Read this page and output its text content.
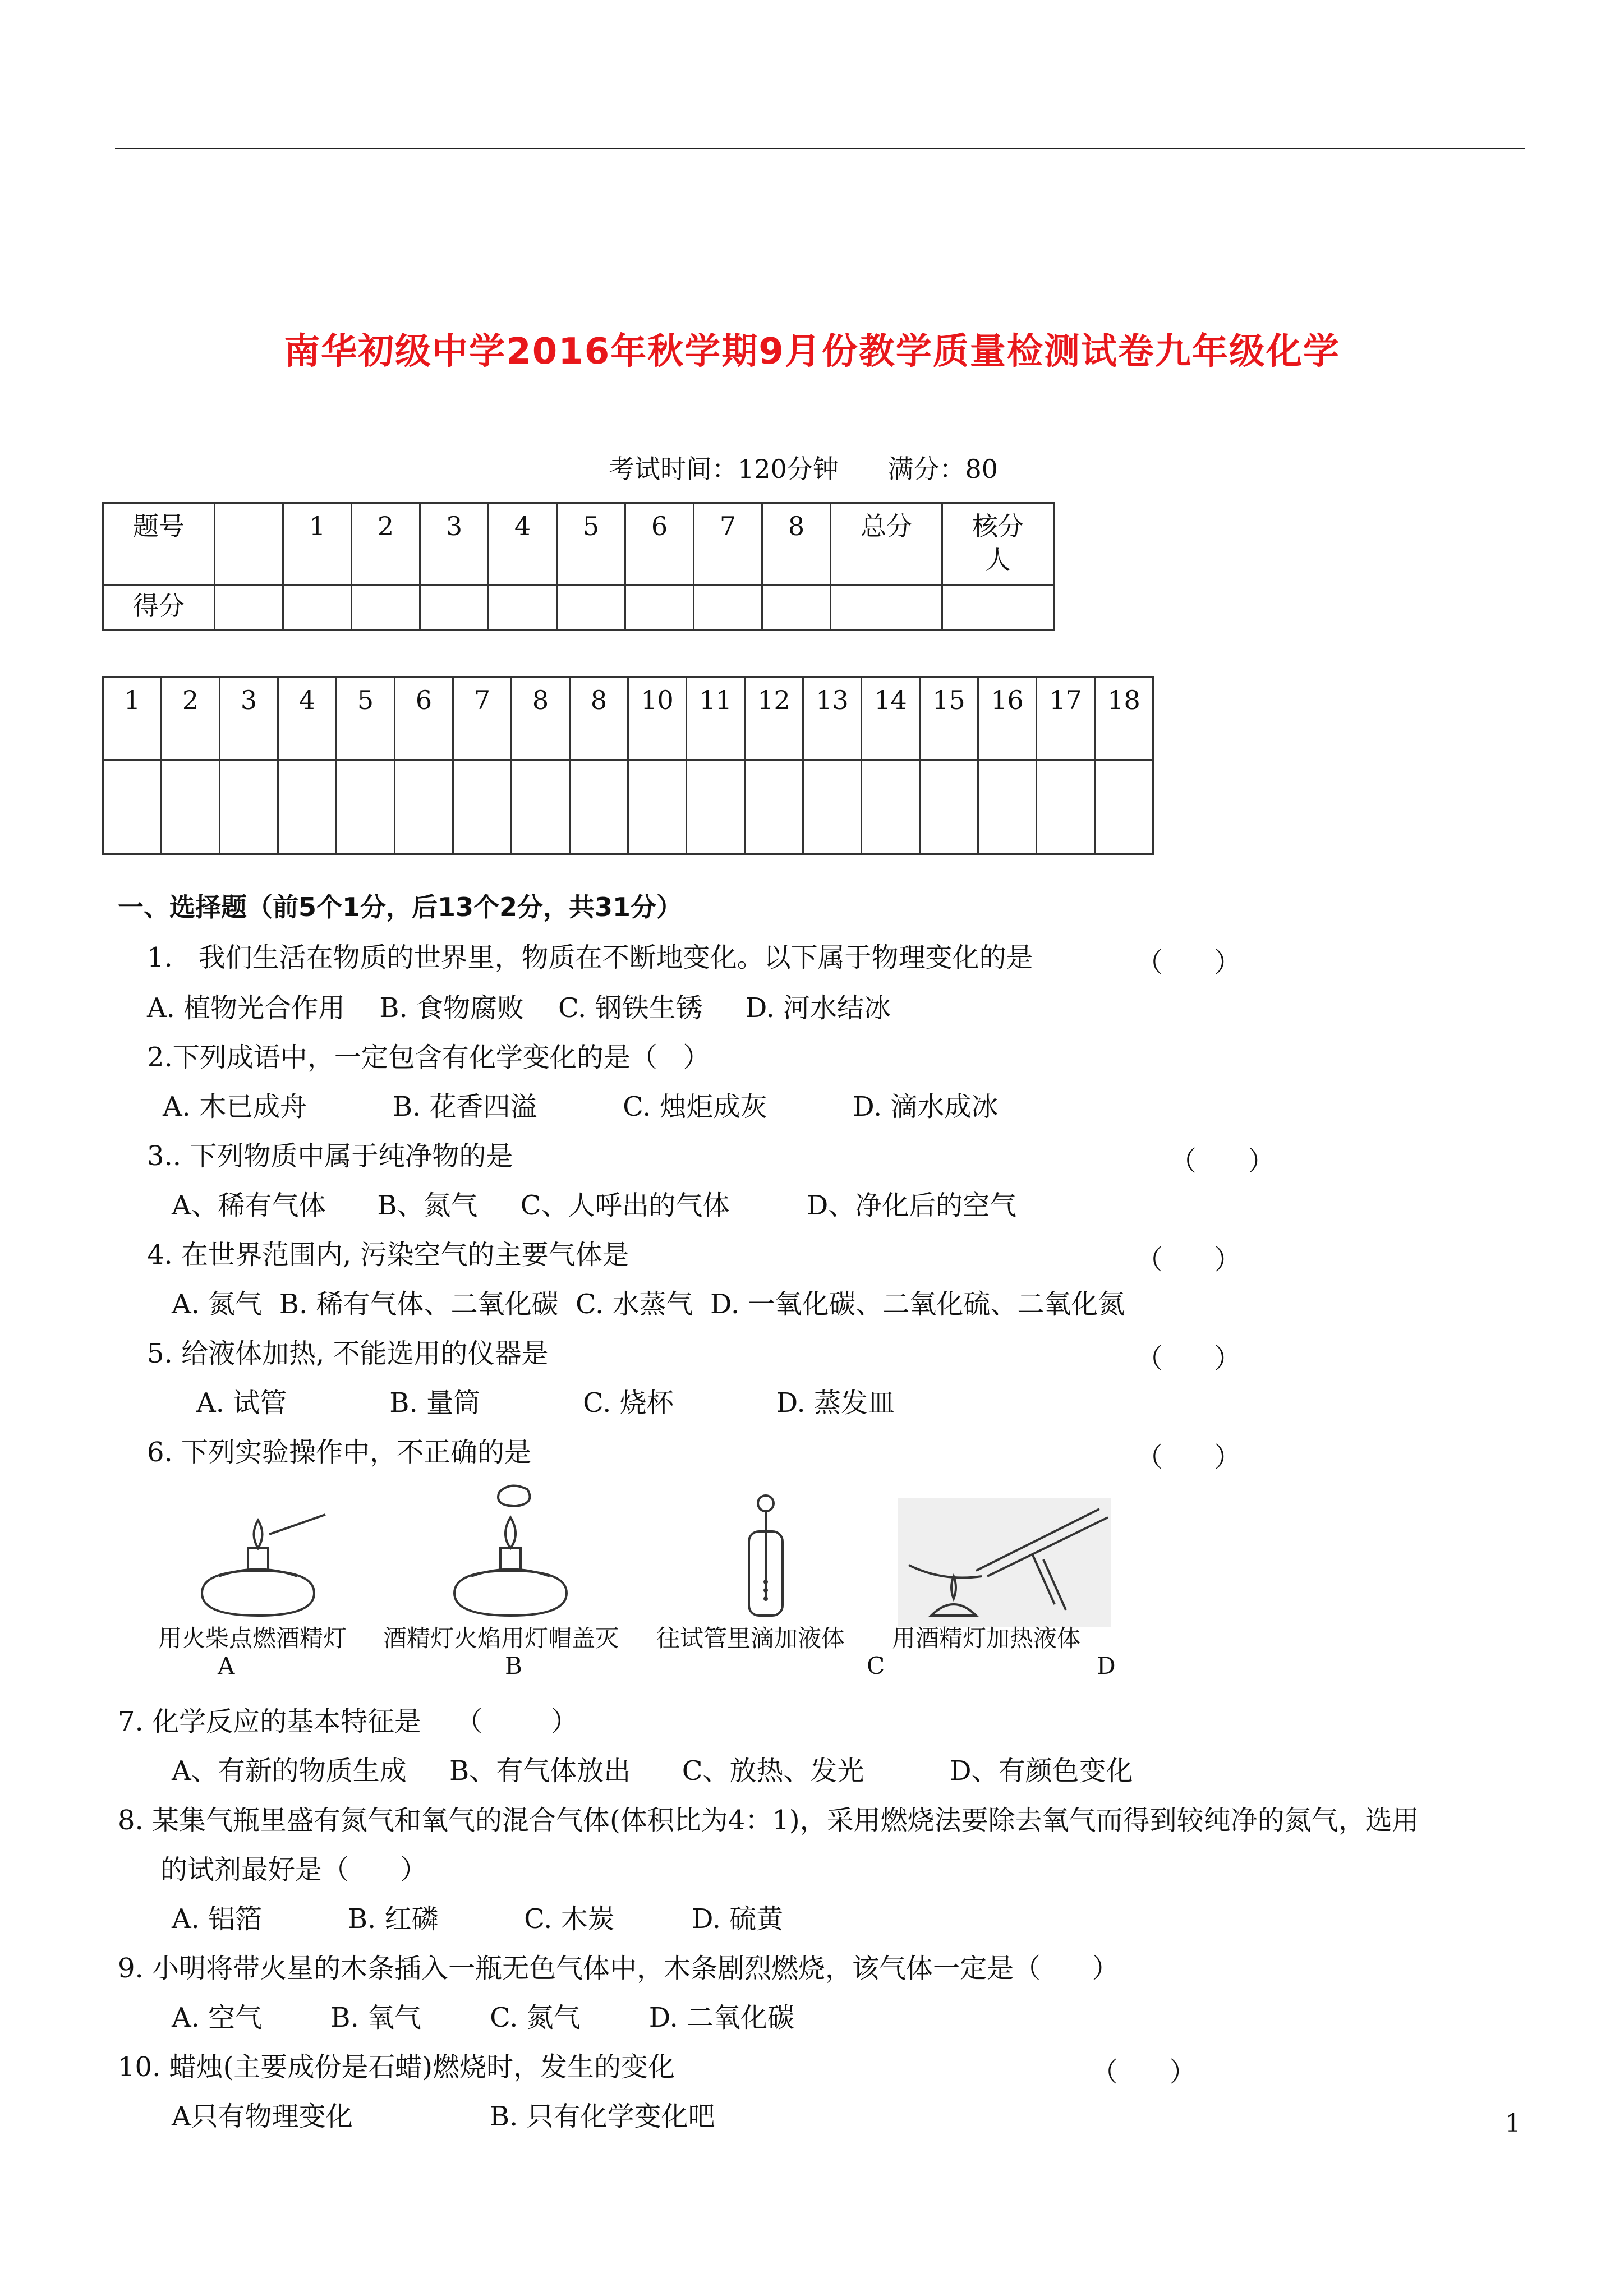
南华初级中学2016年秋学期9月份教学质量检测试卷九年级化学
考试时间：120分钟      满分：80
题号		1	2	3	4	5	6	7	8	总分	核分
人
得分											
1	2	3	4	5	6	7	8	8	10	11	12	13	14	15	16	17	18

一、选择题（前5个1分，后13个2分，共31分）
1.   我们生活在物质的世界里，物质在不断地变化。以下属于物理变化的是	（      ）
A. 植物光合作用    B. 食物腐败    C. 钢铁生锈     D. 河水结冰
2.下列成语中，一定包含有化学变化的是（   ）
A. 木已成舟          B. 花香四溢          C. 烛炬成灰          D. 滴水成冰
3.. 下列物质中属于纯净物的是	（      ）
A、稀有气体      B、氮气     C、人呼出的气体         D、净化后的空气
4. 在世界范围内, 污染空气的主要气体是	（      ）
A. 氮气  B. 稀有气体、二氧化碳  C. 水蒸气  D. 一氧化碳、二氧化硫、二氧化氮
5. 给液体加热, 不能选用的仪器是	（      ）
A. 试管            B. 量筒            C. 烧杯            D. 蒸发皿
6. 下列实验操作中，不正确的是	（      ）
用火柴点燃酒精灯 酒精灯火焰用灯帽盖灭 往试管里滴加液体 用酒精灯加热液体
A	B	C	D
7. 化学反应的基本特征是    （        ）
A、有新的物质生成     B、有气体放出      C、放热、发光          D、有颜色变化
8. 某集气瓶里盛有氮气和氧气的混合气体(体积比为4：1)，采用燃烧法要除去氧气而得到较纯净的氮气，选用
的试剂最好是（      ）
A. 铝箔          B. 红磷          C. 木炭         D. 硫黄
9. 小明将带火星的木条插入一瓶无色气体中，木条剧烈燃烧，该气体一定是（      ）
A. 空气        B. 氧气        C. 氮气        D. 二氧化碳
10. 蜡烛(主要成份是石蜡)燃烧时，发生的变化	（      ）
A只有物理变化                B. 只有化学变化吧	1
